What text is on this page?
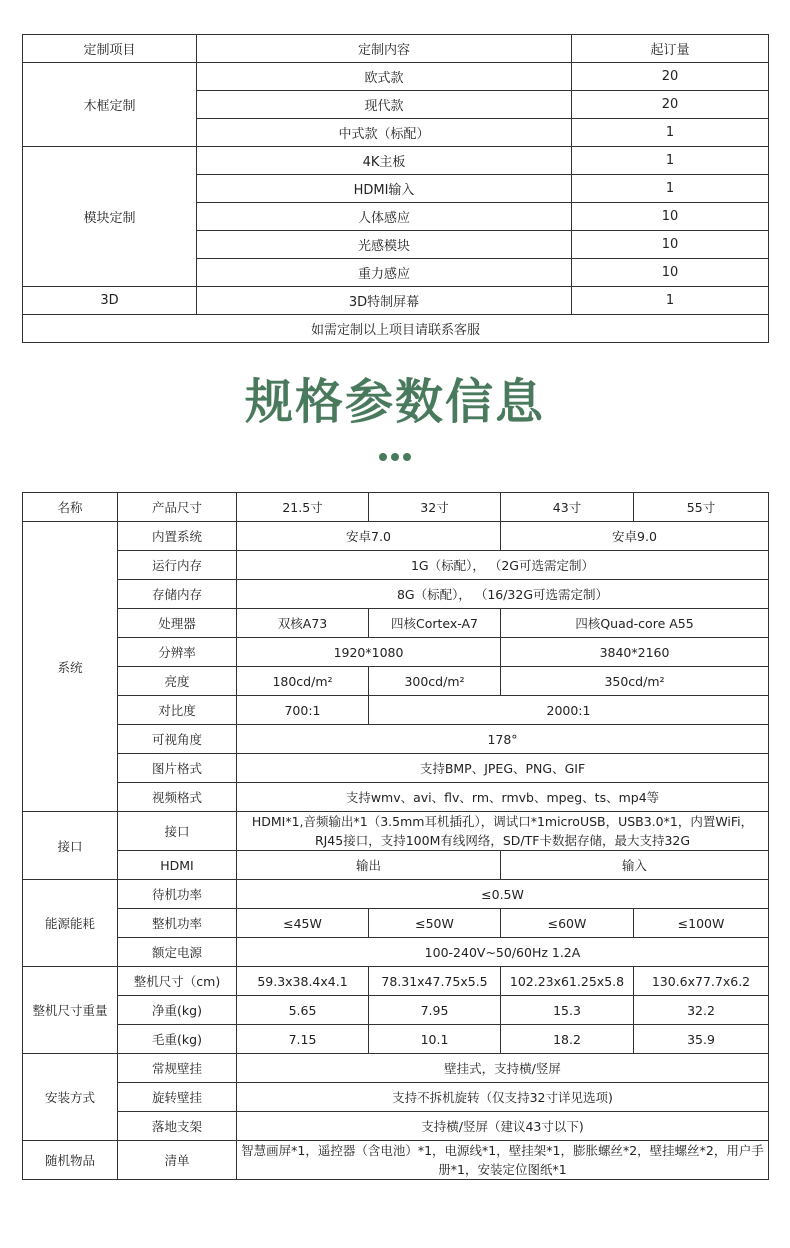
定制项目	定制内容	起订量
木框定制	欧式款	20
	现代款	20
	中式款（标配）	1
模块定制	4K主板	1
	HDMI输入	1
	人体感应	10
	光感模块	10
	重力感应	10
3D	3D特制屏幕	1
如需定制以上项目请联系客服		
规格参数信息
名称	产品尺寸	21.5寸	32寸	43寸	55寸
系统	内置系统	安卓7.0		安卓9.0	
	运行内存	1G（标配）， （2G可选需定制）			
	存储内存	8G（标配）， （16/32G可选需定制）			
	处理器	双核A73	四核Cortex-A7	四核Quad-core A55	
	分辨率	1920*1080		3840*2160	
	亮度	180cd/m²	300cd/m²	350cd/m²	
	对比度	700:1	2000:1		
	可视角度	178°			
	图片格式	支持BMP、JPEG、PNG、GIF			
	视频格式	支持wmv、avi、flv、rm、rmvb、mpeg、ts、mp4等			
接口	接口	HDMI*1,音频输出*1（3.5mm耳机插孔），调试口*1microUSB，USB3.0*1，内置WiFi，RJ45接口，支持100M有线网络，SD/TF卡数据存储，最大支持32G			
	HDMI	输出		输入	
能源能耗	待机功率	≤0.5W			
	整机功率	≤45W	≤50W	≤60W	≤100W
	额定电源	100-240V~50/60Hz 1.2A			
整机尺寸重量	整机尺寸（cm)	59.3x38.4x4.1	78.31x47.75x5.5	102.23x61.25x5.8	130.6x77.7x6.2
	净重(kg)	5.65	7.95	15.3	32.2
	毛重(kg)	7.15	10.1	18.2	35.9
安装方式	常规壁挂	壁挂式，支持横/竖屏			
	旋转壁挂	支持不拆机旋转（仅支持32寸详见选项)			
	落地支架	支持横/竖屏（建议43寸以下)			
随机物品	清单	智慧画屏*1，遥控器（含电池）*1，电源线*1，壁挂架*1，膨胀螺丝*2，壁挂螺丝*2，用户手册*1，安装定位图纸*1			
